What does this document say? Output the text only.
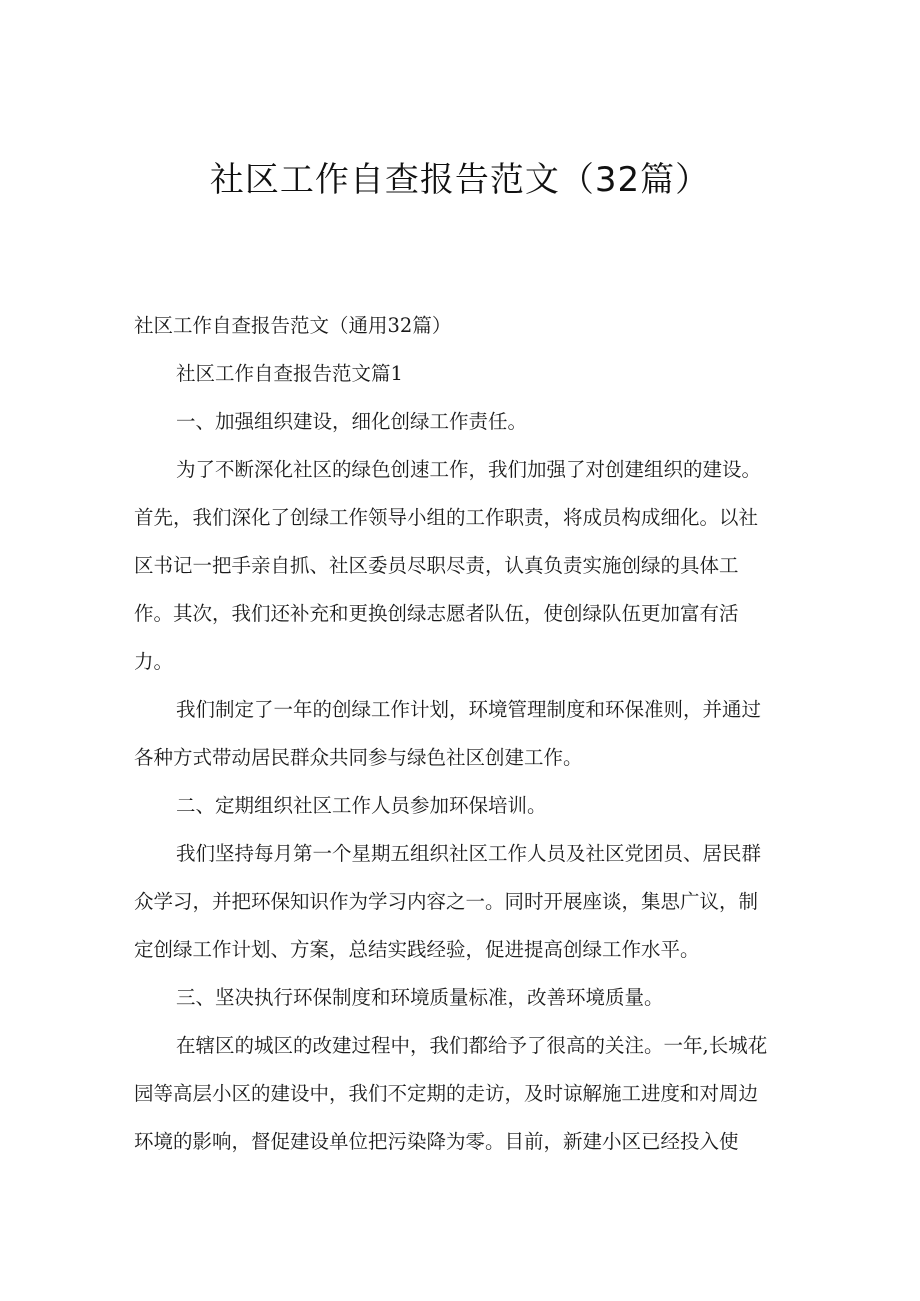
社区工作自查报告范文（32篇）

社区工作自查报告范文（通用32篇）

社区工作自查报告范文篇1

一、加强组织建设，细化创绿工作责任。

为了不断深化社区的绿色创速工作，我们加强了对创建组织的建设。

首先，我们深化了创绿工作领导小组的工作职责，将成员构成细化。以社

区书记一把手亲自抓、社区委员尽职尽责，认真负责实施创绿的具体工

作。其次，我们还补充和更换创绿志愿者队伍，使创绿队伍更加富有活

力。

我们制定了一年的创绿工作计划，环境管理制度和环保准则，并通过

各种方式带动居民群众共同参与绿色社区创建工作。

二、定期组织社区工作人员参加环保培训。

我们坚持每月第一个星期五组织社区工作人员及社区党团员、居民群

众学习，并把环保知识作为学习内容之一。同时开展座谈，集思广议，制

定创绿工作计划、方案，总结实践经验，促进提高创绿工作水平。

三、坚决执行环保制度和环境质量标准，改善环境质量。

在辖区的城区的改建过程中，我们都给予了很高的关注。一年,长城花

园等高层小区的建设中，我们不定期的走访，及时谅解施工进度和对周边

环境的影响，督促建设单位把污染降为零。目前，新建小区已经投入使
